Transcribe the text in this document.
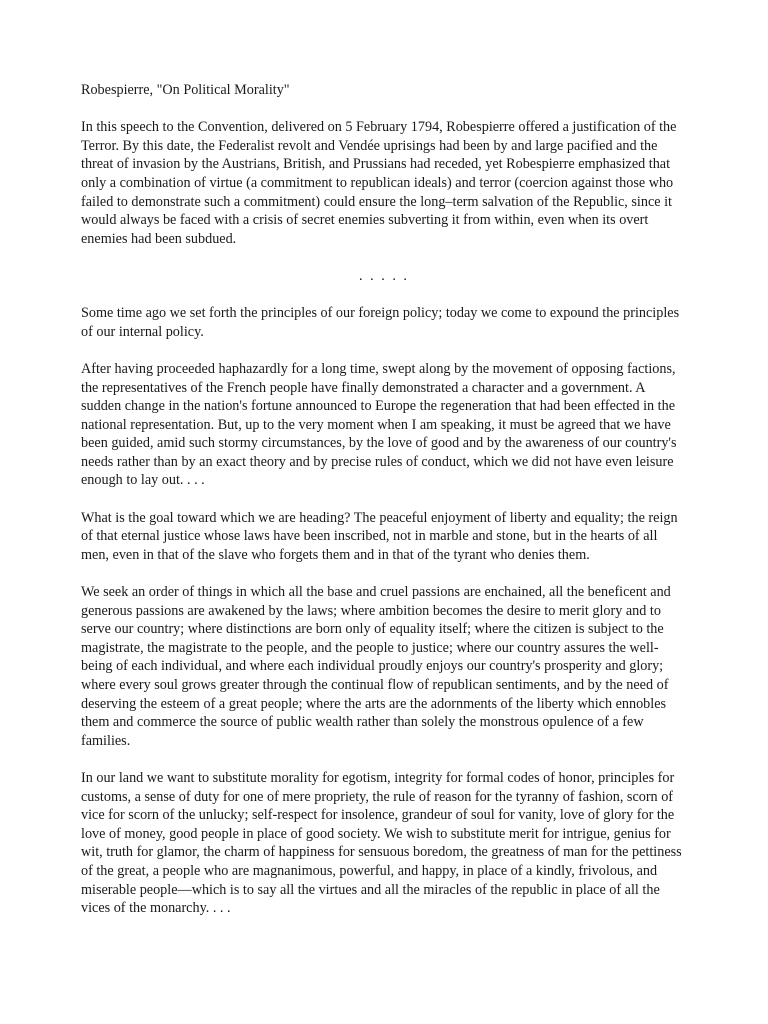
Robespierre, "On Political Morality"

In this speech to the Convention, delivered on 5 February 1794, Robespierre offered a justification of the Terror. By this date, the Federalist revolt and Vendée uprisings had been by and large pacified and the threat of invasion by the Austrians, British, and Prussians had receded, yet Robespierre emphasized that only a combination of virtue (a commitment to republican ideals) and terror (coercion against those who failed to demonstrate such a commitment) could ensure the long–term salvation of the Republic, since it would always be faced with a crisis of secret enemies subverting it from within, even when its overt enemies had been subdued.

. . . . .

Some time ago we set forth the principles of our foreign policy; today we come to expound the principles of our internal policy.

After having proceeded haphazardly for a long time, swept along by the movement of opposing factions, the representatives of the French people have finally demonstrated a character and a government. A sudden change in the nation's fortune announced to Europe the regeneration that had been effected in the national representation. But, up to the very moment when I am speaking, it must be agreed that we have been guided, amid such stormy circumstances, by the love of good and by the awareness of our country's needs rather than by an exact theory and by precise rules of conduct, which we did not have even leisure enough to lay out. . . .

What is the goal toward which we are heading? The peaceful enjoyment of liberty and equality; the reign of that eternal justice whose laws have been inscribed, not in marble and stone, but in the hearts of all men, even in that of the slave who forgets them and in that of the tyrant who denies them.

We seek an order of things in which all the base and cruel passions are enchained, all the beneficent and generous passions are awakened by the laws; where ambition becomes the desire to merit glory and to serve our country; where distinctions are born only of equality itself; where the citizen is subject to the magistrate, the magistrate to the people, and the people to justice; where our country assures the well-being of each individual, and where each individual proudly enjoys our country's prosperity and glory; where every soul grows greater through the continual flow of republican sentiments, and by the need of deserving the esteem of a great people; where the arts are the adornments of the liberty which ennobles them and commerce the source of public wealth rather than solely the monstrous opulence of a few families.

In our land we want to substitute morality for egotism, integrity for formal codes of honor, principles for customs, a sense of duty for one of mere propriety, the rule of reason for the tyranny of fashion, scorn of vice for scorn of the unlucky; self-respect for insolence, grandeur of soul for vanity, love of glory for the love of money, good people in place of good society. We wish to substitute merit for intrigue, genius for wit, truth for glamor, the charm of happiness for sensuous boredom, the greatness of man for the pettiness of the great, a people who are magnanimous, powerful, and happy, in place of a kindly, frivolous, and miserable people—which is to say all the virtues and all the miracles of the republic in place of all the vices of the monarchy. . . .
